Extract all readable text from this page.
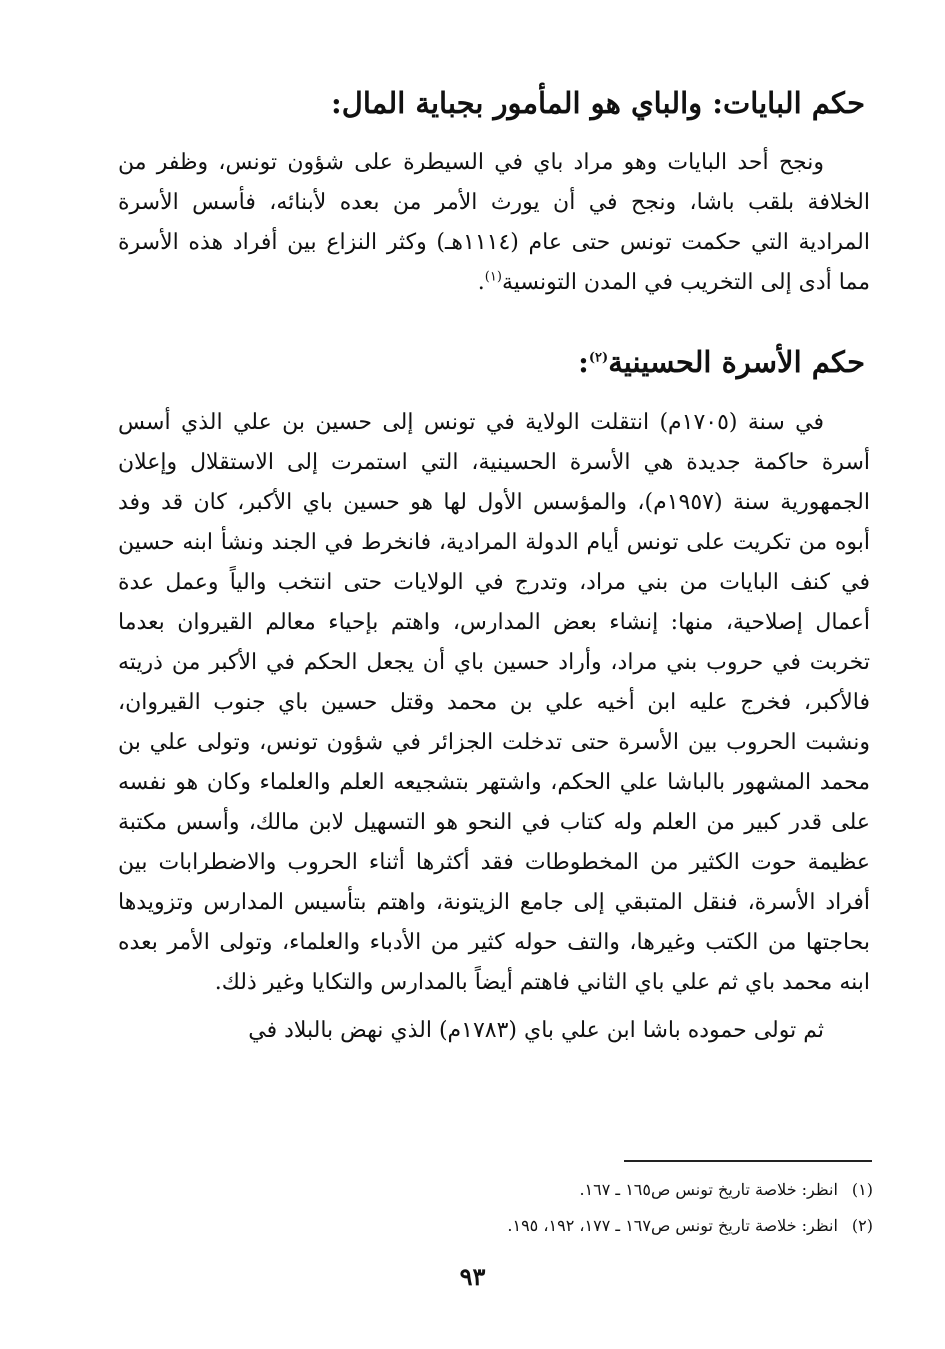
حكم البايات: والباي هو المأمور بجباية المال:

ونجح أحد البايات وهو مراد باي في السيطرة على شؤون تونس، وظفر من الخلافة بلقب باشا، ونجح في أن يورث الأمر من بعده لأبنائه، فأسس الأسرة المرادية التي حكمت تونس حتى عام (١١١٤هـ) وكثر النزاع بين أفراد هذه الأسرة مما أدى إلى التخريب في المدن التونسية$^{(١)}$.

حكم الأسرة الحسينية$^{(٢)}$:

في سنة (١٧٠٥م) انتقلت الولاية في تونس إلى حسين بن علي الذي أسس أسرة حاكمة جديدة هي الأسرة الحسينية، التي استمرت إلى الاستقلال وإعلان الجمهورية سنة (١٩٥٧م)، والمؤسس الأول لها هو حسين باي الأكبر، كان قد وفد أبوه من تكريت على تونس أيام الدولة المرادية، فانخرط في الجند ونشأ ابنه حسين في كنف البايات من بني مراد، وتدرج في الولايات حتى انتخب والياً وعمل عدة أعمال إصلاحية، منها: إنشاء بعض المدارس، واهتم بإحياء معالم القيروان بعدما تخربت في حروب بني مراد، وأراد حسين باي أن يجعل الحكم في الأكبر من ذريته فالأكبر، فخرج عليه ابن أخيه علي بن محمد وقتل حسين باي جنوب القيروان، ونشبت الحروب بين الأسرة حتى تدخلت الجزائر في شؤون تونس، وتولى علي بن محمد المشهور بالباشا علي الحكم، واشتهر بتشجيعه العلم والعلماء وكان هو نفسه على قدر كبير من العلم وله كتاب في النحو هو التسهيل لابن مالك، وأسس مكتبة عظيمة حوت الكثير من المخطوطات فقد أكثرها أثناء الحروب والاضطرابات بين أفراد الأسرة، فنقل المتبقي إلى جامع الزيتونة، واهتم بتأسيس المدارس وتزويدها بحاجتها من الكتب وغيرها، والتف حوله كثير من الأدباء والعلماء، وتولى الأمر بعده ابنه محمد باي ثم علي باي الثاني فاهتم أيضاً بالمدارس والتكايا وغير ذلك.

ثم تولى حموده باشا ابن علي باي (١٧٨٣م) الذي نهض بالبلاد في

(١)انظر: خلاصة تاريخ تونس ص١٦٥ ـ ١٦٧.
(٢)انظر: خلاصة تاريخ تونس ص١٦٧ ـ ١٧٧، ١٩٢، ١٩٥.
٩٣
